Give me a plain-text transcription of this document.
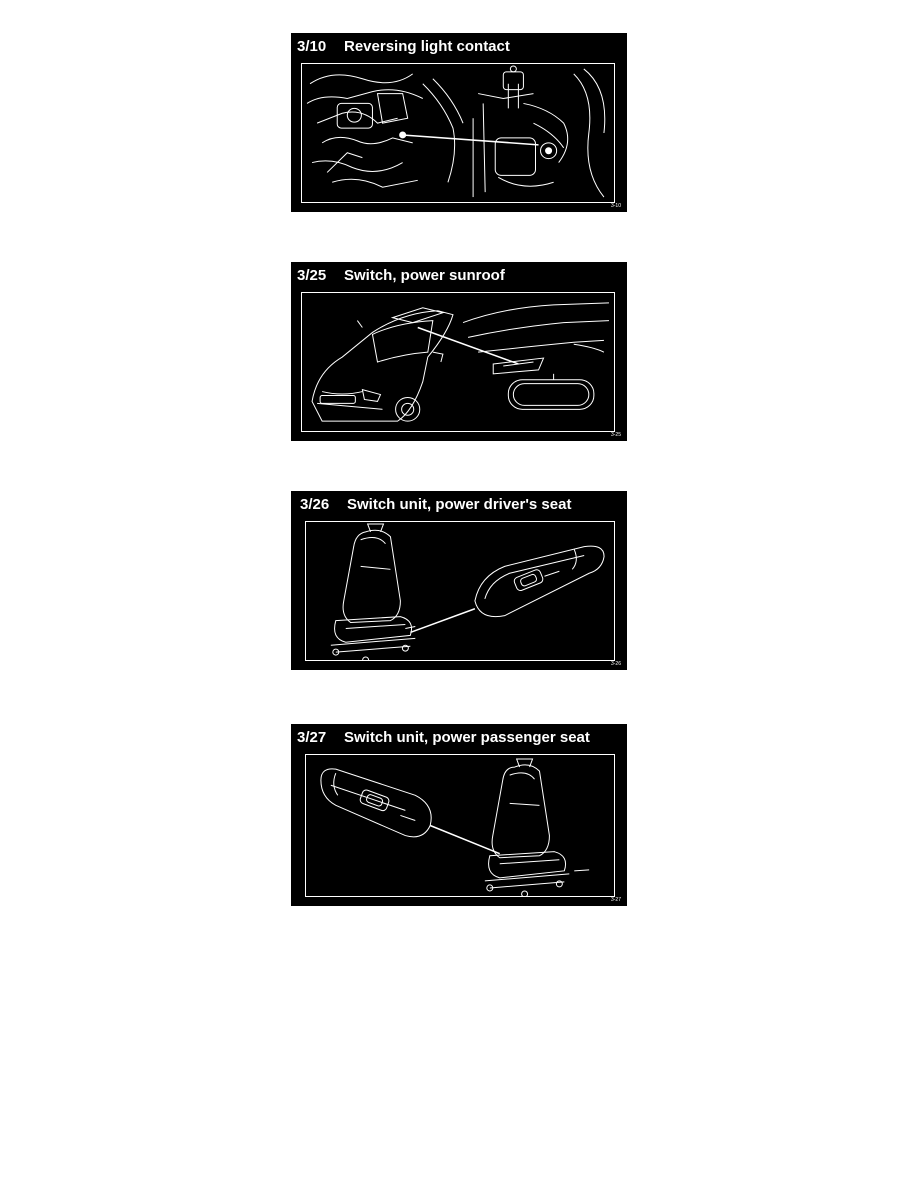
3/10 Reversing light contact
3-10
3/25 Switch, power sunroof
3-25
3/26 Switch unit, power driver's seat
3-26
3/27 Switch unit, power passenger seat
3-27
